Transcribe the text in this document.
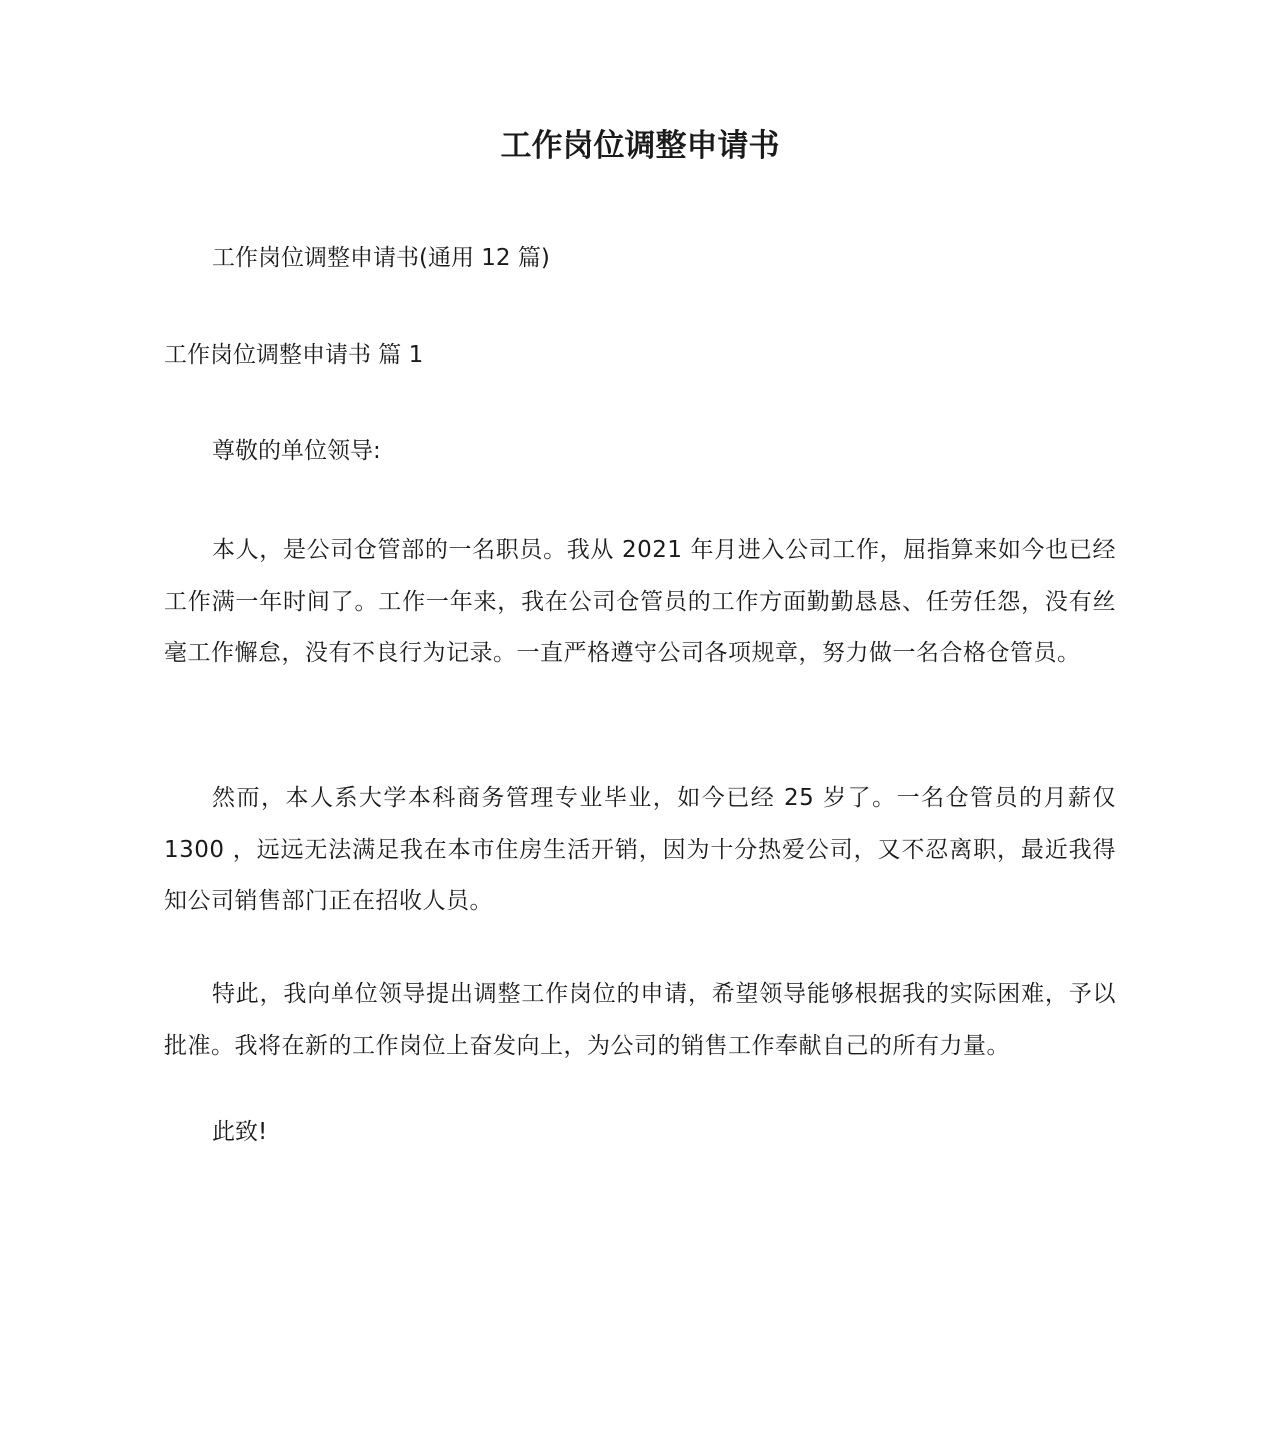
工作岗位调整申请书

工作岗位调整申请书(通用 12 篇)

工作岗位调整申请书 篇 1

尊敬的单位领导:

本人，是公司仓管部的一名职员。我从 2021 年月进入公司工作，屈指算来如今也已经工作满一年时间了。工作一年来，我在公司仓管员的工作方面勤勤恳恳、任劳任怨，没有丝毫工作懈怠，没有不良行为记录。一直严格遵守公司各项规章，努力做一名合格仓管员。

然而，本人系大学本科商务管理专业毕业，如今已经 25 岁了。一名仓管员的月薪仅 1300 ，远远无法满足我在本市住房生活开销，因为十分热爱公司，又不忍离职，最近我得知公司销售部门正在招收人员。

特此，我向单位领导提出调整工作岗位的申请，希望领导能够根据我的实际困难，予以批准。我将在新的工作岗位上奋发向上，为公司的销售工作奉献自己的所有力量。

此致!
